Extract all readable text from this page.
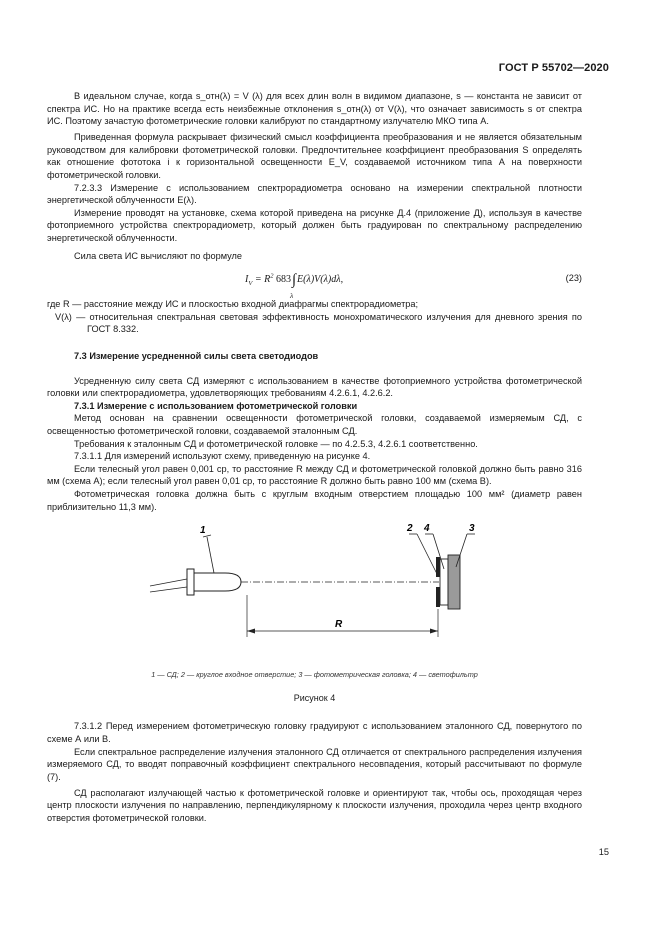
ГОСТ Р 55702—2020

В идеальном случае, когда s_отн(λ) = V (λ) для всех длин волн в видимом диапазоне, s — константа не зависит от спектра ИС. Но на практике всегда есть неизбежные отклонения s_отн(λ) от V(λ), что означает зависимость s от спектра ИС. Поэтому зачастую фотометрические головки калибруют по стандартному излучателю МКО типа А.

Приведенная формула раскрывает физический смысл коэффициента преобразования и не является обязательным руководством для калибровки фотометрической головки. Предпочтительнее коэффициент преобразования S определять как отношение фототока i к горизонтальной освещенности E_V, создаваемой источником типа А на поверхности фотометрической головки.

7.2.3.3 Измерение с использованием спектрорадиометра основано на измерении спектральной плотности энергетической облученности E(λ).

Измерение проводят на установке, схема которой приведена на рисунке Д.4 (приложение Д), используя в качестве фотоприемного устройства спектрорадиометр, который должен быть градуирован по спектральному распределению энергетической облученности.

Сила света ИС вычисляют по формуле

$I_V = R^2$ 683∫E(λ)V(λ)dλ,
λ
(23)

где R — расстояние между ИС и плоскостью входной диафрагмы спектрорадиометра;

V(λ) — относительная спектральная световая эффективность монохроматического излучения для дневного зрения по ГОСТ 8.332.

7.3 Измерение усредненной силы света светодиодов

Усредненную силу света СД измеряют с использованием в качестве фотоприемного устройства фотометрической головки или спектрорадиометра, удовлетворяющих требованиям 4.2.6.1, 4.2.6.2.

7.3.1 Измерение с использованием фотометрической головки

Метод основан на сравнении освещенности фотометрической головки, создаваемой измеряемым СД, с освещенностью фотометрической головки, создаваемой эталонным СД.

Требования к эталонным СД и фотометрической головке — по 4.2.5.3, 4.2.6.1 соответственно.

7.3.1.1 Для измерений используют схему, приведенную на рисунке 4.

Если телесный угол равен 0,001 ср, то расстояние R между СД и фотометрической головкой должно быть равно 316 мм (схема А); если телесный угол равен 0,01 ср, то расстояние R должно быть равно 100 мм (схема В).

Фотометрическая головка должна быть с круглым входным отверстием площадью 100 мм² (диаметр равен приблизительно 11,3 мм).

1	2 4	3
R
1 — СД; 2 — круглое входное отверстие; 3 — фотометрическая головка; 4 — светофильтр
Рисунок 4

7.3.1.2 Перед измерением фотометрическую головку градуируют с использованием эталонного СД, повернутого по схеме А или В.

Если спектральное распределение излучения эталонного СД отличается от спектрального распределения излучения измеряемого СД, то вводят поправочный коэффициент спектрального несовпадения, который рассчитывают по формуле (7).

СД располагают излучающей частью к фотометрической головке и ориентируют так, чтобы ось, проходящая через центр плоскости излучения по направлению, перпендикулярному к плоскости излучения, проходила через центр входного отверстия фотометрической головки.

15
